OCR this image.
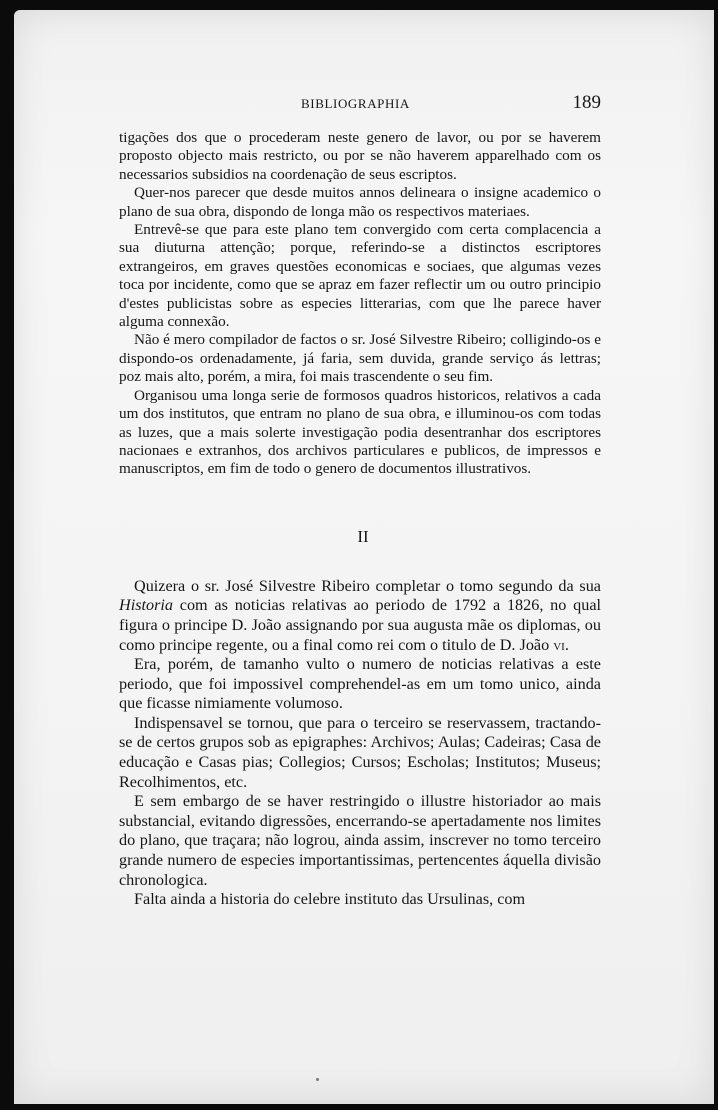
BIBLIOGRAPHIA	189

tigações dos que o procederam neste genero de lavor, ou por se haverem proposto objecto mais restricto, ou por se não haverem apparelhado com os necessarios subsidios na coordenação de seus escriptos.

Quer-nos parecer que desde muitos annos delineara o insigne academico o plano de sua obra, dispondo de longa mão os respectivos materiaes.

Entrevê-se que para este plano tem convergido com certa complacencia a sua diuturna attenção; porque, referindo-se a distinctos escriptores extrangeiros, em graves questões economicas e sociaes, que algumas vezes toca por incidente, como que se apraz em fazer reflectir um ou outro principio d'estes publicistas sobre as especies litterarias, com que lhe parece haver alguma connexão.

Não é mero compilador de factos o sr. José Silvestre Ribeiro; colligindo-os e dispondo-os ordenadamente, já faria, sem duvida, grande serviço ás lettras; poz mais alto, porém, a mira, foi mais trascendente o seu fim.

Organisou uma longa serie de formosos quadros historicos, relativos a cada um dos institutos, que entram no plano de sua obra, e illuminou-os com todas as luzes, que a mais solerte investigação podia desentranhar dos escriptores nacionaes e extranhos, dos archivos particulares e publicos, de impressos e manuscriptos, em fim de todo o genero de documentos illustrativos.

II

Quizera o sr. José Silvestre Ribeiro completar o tomo segundo da sua Historia com as noticias relativas ao periodo de 1792 a 1826, no qual figura o principe D. João assignando por sua augusta mãe os diplomas, ou como principe regente, ou a final como rei com o titulo de D. João vi.

Era, porém, de tamanho vulto o numero de noticias relativas a este periodo, que foi impossivel comprehendel-as em um tomo unico, ainda que ficasse nimiamente volumoso.

Indispensavel se tornou, que para o terceiro se reservassem, tractando-se de certos grupos sob as epigraphes: Archivos; Aulas; Cadeiras; Casa de educação e Casas pias; Collegios; Cursos; Escholas; Institutos; Museus; Recolhimentos, etc.

E sem embargo de se haver restringido o illustre historiador ao mais substancial, evitando digressões, encerrando-se apertadamente nos limites do plano, que traçara; não logrou, ainda assim, inscrever no tomo terceiro grande numero de especies importantissimas, pertencentes áquella divisão chronologica.

Falta ainda a historia do celebre instituto das Ursulinas, com
